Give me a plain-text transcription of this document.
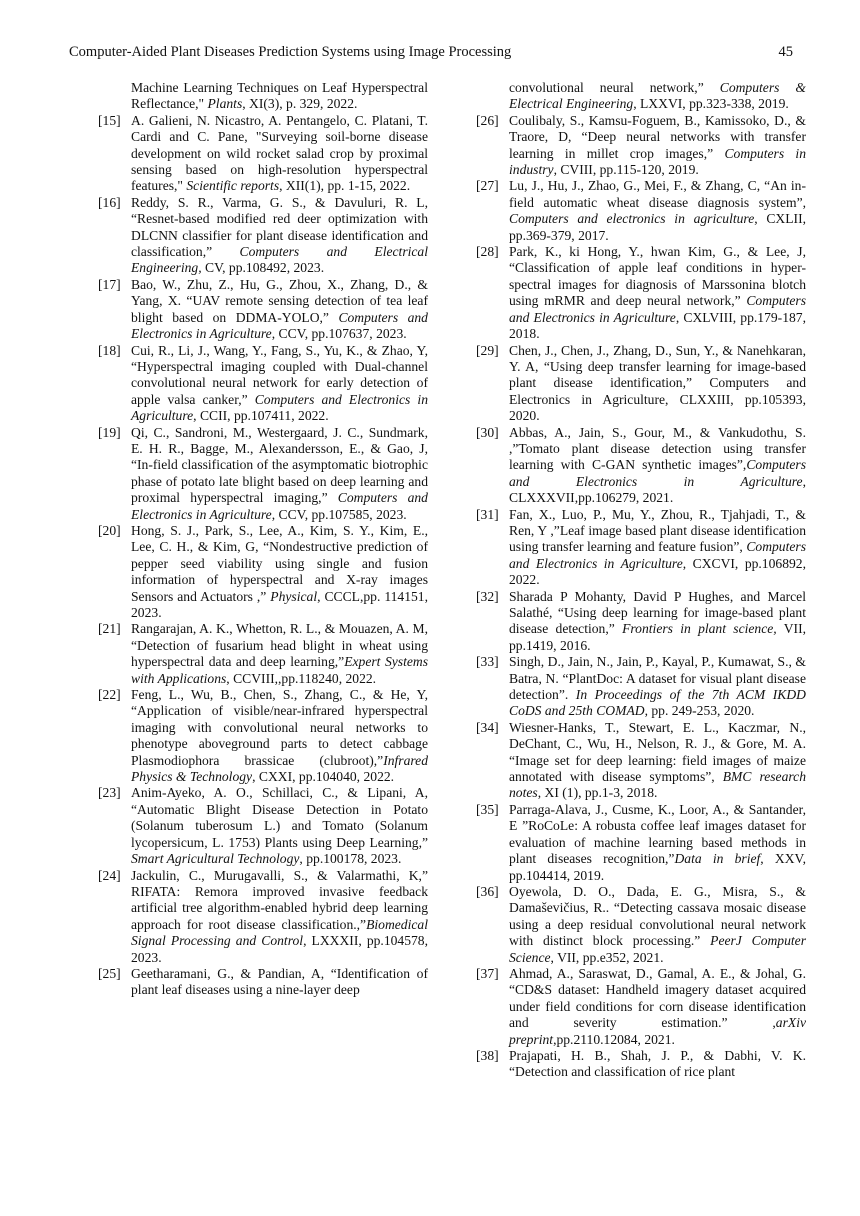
Computer-Aided Plant Diseases Prediction Systems using Image Processing	45

Machine Learning Techniques on Leaf Hyperspectral Reflectance," Plants, XI(3), p. 329, 2022.

[15] A. Galieni, N. Nicastro, A. Pentangelo, C. Platani, T. Cardi and C. Pane, "Surveying soil-borne disease development on wild rocket salad crop by proximal sensing based on high-resolution hyperspectral features," Scientific reports, XII(1), pp. 1-15, 2022.

[16] Reddy, S. R., Varma, G. S., & Davuluri, R. L, “Resnet-based modified red deer optimization with DLCNN classifier for plant disease identification and classification,” Computers and Electrical Engineering, CV, pp.108492, 2023.

[17] Bao, W., Zhu, Z., Hu, G., Zhou, X., Zhang, D., & Yang, X. “UAV remote sensing detection of tea leaf blight based on DDMA-YOLO,” Computers and Electronics in Agriculture, CCV, pp.107637, 2023.

[18] Cui, R., Li, J., Wang, Y., Fang, S., Yu, K., & Zhao, Y, “Hyperspectral imaging coupled with Dual-channel convolutional neural network for early detection of apple valsa canker,” Computers and Electronics in Agriculture, CCII, pp.107411, 2022.

[19] Qi, C., Sandroni, M., Westergaard, J. C., Sundmark, E. H. R., Bagge, M., Alexandersson, E., & Gao, J, “In-field classification of the asymptomatic biotrophic phase of potato late blight based on deep learning and proximal hyperspectral imaging,” Computers and Electronics in Agriculture, CCV, pp.107585, 2023.

[20] Hong, S. J., Park, S., Lee, A., Kim, S. Y., Kim, E., Lee, C. H., & Kim, G, “Nondestructive prediction of pepper seed viability using single and fusion information of hyperspectral and X-ray images Sensors and Actuators ,” Physical, CCCL,pp. 114151, 2023.

[21] Rangarajan, A. K., Whetton, R. L., & Mouazen, A. M, “Detection of fusarium head blight in wheat using hyperspectral data and deep learning,”Expert Systems with Applications, CCVIII,,pp.118240, 2022.

[22] Feng, L., Wu, B., Chen, S., Zhang, C., & He, Y, “Application of visible/near-infrared hyperspectral imaging with convolutional neural networks to phenotype aboveground parts to detect cabbage Plasmodiophora brassicae (clubroot),”Infrared Physics & Technology, CXXI, pp.104040, 2022.

[23] Anim-Ayeko, A. O., Schillaci, C., & Lipani, A, “Automatic Blight Disease Detection in Potato (Solanum tuberosum L.) and Tomato (Solanum lycopersicum, L. 1753) Plants using Deep Learning,” Smart Agricultural Technology, pp.100178, 2023.

[24] Jackulin, C., Murugavalli, S., & Valarmathi, K,” RIFATA: Remora improved invasive feedback artificial tree algorithm-enabled hybrid deep learning approach for root disease classification.,”Biomedical Signal Processing and Control, LXXXII, pp.104578, 2023.

[25] Geetharamani, G., & Pandian, A, “Identification of plant leaf diseases using a nine-layer deep

convolutional neural network,” Computers & Electrical Engineering, LXXVI, pp.323-338, 2019.

[26] Coulibaly, S., Kamsu-Foguem, B., Kamissoko, D., & Traore, D, “Deep neural networks with transfer learning in millet crop images,” Computers in industry, CVIII, pp.115-120, 2019.

[27] Lu, J., Hu, J., Zhao, G., Mei, F., & Zhang, C, “An in-field automatic wheat disease diagnosis system”, Computers and electronics in agriculture, CXLII, pp.369-379, 2017.

[28] Park, K., ki Hong, Y., hwan Kim, G., & Lee, J, “Classification of apple leaf conditions in hyper-spectral images for diagnosis of Marssonina blotch using mRMR and deep neural network,” Computers and Electronics in Agriculture, CXLVIII, pp.179-187, 2018.

[29] Chen, J., Chen, J., Zhang, D., Sun, Y., & Nanehkaran, Y. A, “Using deep transfer learning for image-based plant disease identification,” Computers and Electronics in Agriculture, CLXXIII, pp.105393, 2020.

[30] Abbas, A., Jain, S., Gour, M., & Vankudothu, S. ,”Tomato plant disease detection using transfer learning with C-GAN synthetic images”,Computers and Electronics in Agriculture, CLXXXVII,pp.106279, 2021.

[31] Fan, X., Luo, P., Mu, Y., Zhou, R., Tjahjadi, T., & Ren, Y ,”Leaf image based plant disease identification using transfer learning and feature fusion”, Computers and Electronics in Agriculture, CXCVI, pp.106892, 2022.

[32] Sharada P Mohanty, David P Hughes, and Marcel Salathé, “Using deep learning for image-based plant disease detection,” Frontiers in plant science, VII, pp.1419, 2016.

[33] Singh, D., Jain, N., Jain, P., Kayal, P., Kumawat, S., & Batra, N. “PlantDoc: A dataset for visual plant disease detection”. In Proceedings of the 7th ACM IKDD CoDS and 25th COMAD, pp. 249-253, 2020.

[34] Wiesner-Hanks, T., Stewart, E. L., Kaczmar, N., DeChant, C., Wu, H., Nelson, R. J., & Gore, M. A. “Image set for deep learning: field images of maize annotated with disease symptoms”, BMC research notes, XI (1), pp.1-3, 2018.

[35] Parraga-Alava, J., Cusme, K., Loor, A., & Santander, E ”RoCoLe: A robusta coffee leaf images dataset for evaluation of machine learning based methods in plant diseases recognition,”Data in brief, XXV, pp.104414, 2019.

[36] Oyewola, D. O., Dada, E. G., Misra, S., & Damaševičius, R.. “Detecting cassava mosaic disease using a deep residual convolutional neural network with distinct block processing.” PeerJ Computer Science, VII, pp.e352, 2021.

[37] Ahmad, A., Saraswat, D., Gamal, A. E., & Johal, G. “CD&S dataset: Handheld imagery dataset acquired under field conditions for corn disease identification and severity estimation.” ,arXiv preprint,pp.2110.12084, 2021.

[38] Prajapati, H. B., Shah, J. P., & Dabhi, V. K. “Detection and classification of rice plant
